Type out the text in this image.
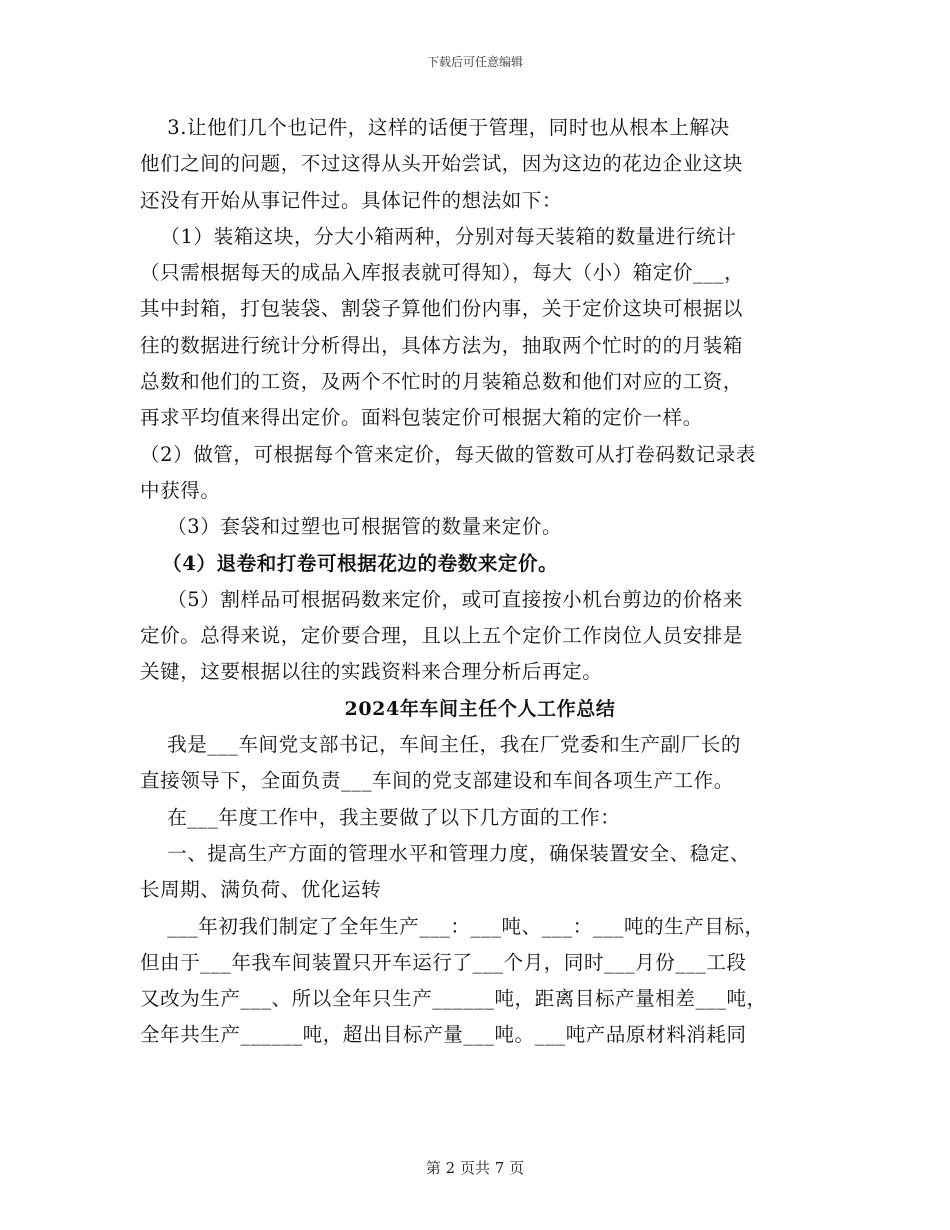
下载后可任意编辑
3.让他们几个也记件，这样的话便于管理，同时也从根本上解决
他们之间的问题，不过这得从头开始尝试，因为这边的花边企业这块
还没有开始从事记件过。具体记件的想法如下：
（1）装箱这块，分大小箱两种，分别对每天装箱的数量进行统计
（只需根据每天的成品入库报表就可得知），每大（小）箱定价___，
其中封箱，打包装袋、割袋子算他们份内事，关于定价这块可根据以
往的数据进行统计分析得出，具体方法为，抽取两个忙时的的月装箱
总数和他们的工资，及两个不忙时的月装箱总数和他们对应的工资，
再求平均值来得出定价。面料包装定价可根据大箱的定价一样。
（2）做管，可根据每个管来定价，每天做的管数可从打卷码数记录表
中获得。
（3）套袋和过塑也可根据管的数量来定价。
（4）退卷和打卷可根据花边的卷数来定价。
（5）割样品可根据码数来定价，或可直接按小机台剪边的价格来
定价。总得来说，定价要合理，且以上五个定价工作岗位人员安排是
关键，这要根据以往的实践资料来合理分析后再定。
2024年车间主任个人工作总结
我是___车间党支部书记，车间主任，我在厂党委和生产副厂长的
直接领导下，全面负责___车间的党支部建设和车间各项生产工作。
在___年度工作中，我主要做了以下几方面的工作：
一、提高生产方面的管理水平和管理力度，确保装置安全、稳定、
长周期、满负荷、优化运转
___年初我们制定了全年生产___：___吨、___：___吨的生产目标，
但由于___年我车间装置只开车运行了___个月，同时___月份___工段
又改为生产___、所以全年只生产______吨，距离目标产量相差___吨，
全年共生产______吨，超出目标产量___吨。___吨产品原材料消耗同
第 2 页共 7 页
